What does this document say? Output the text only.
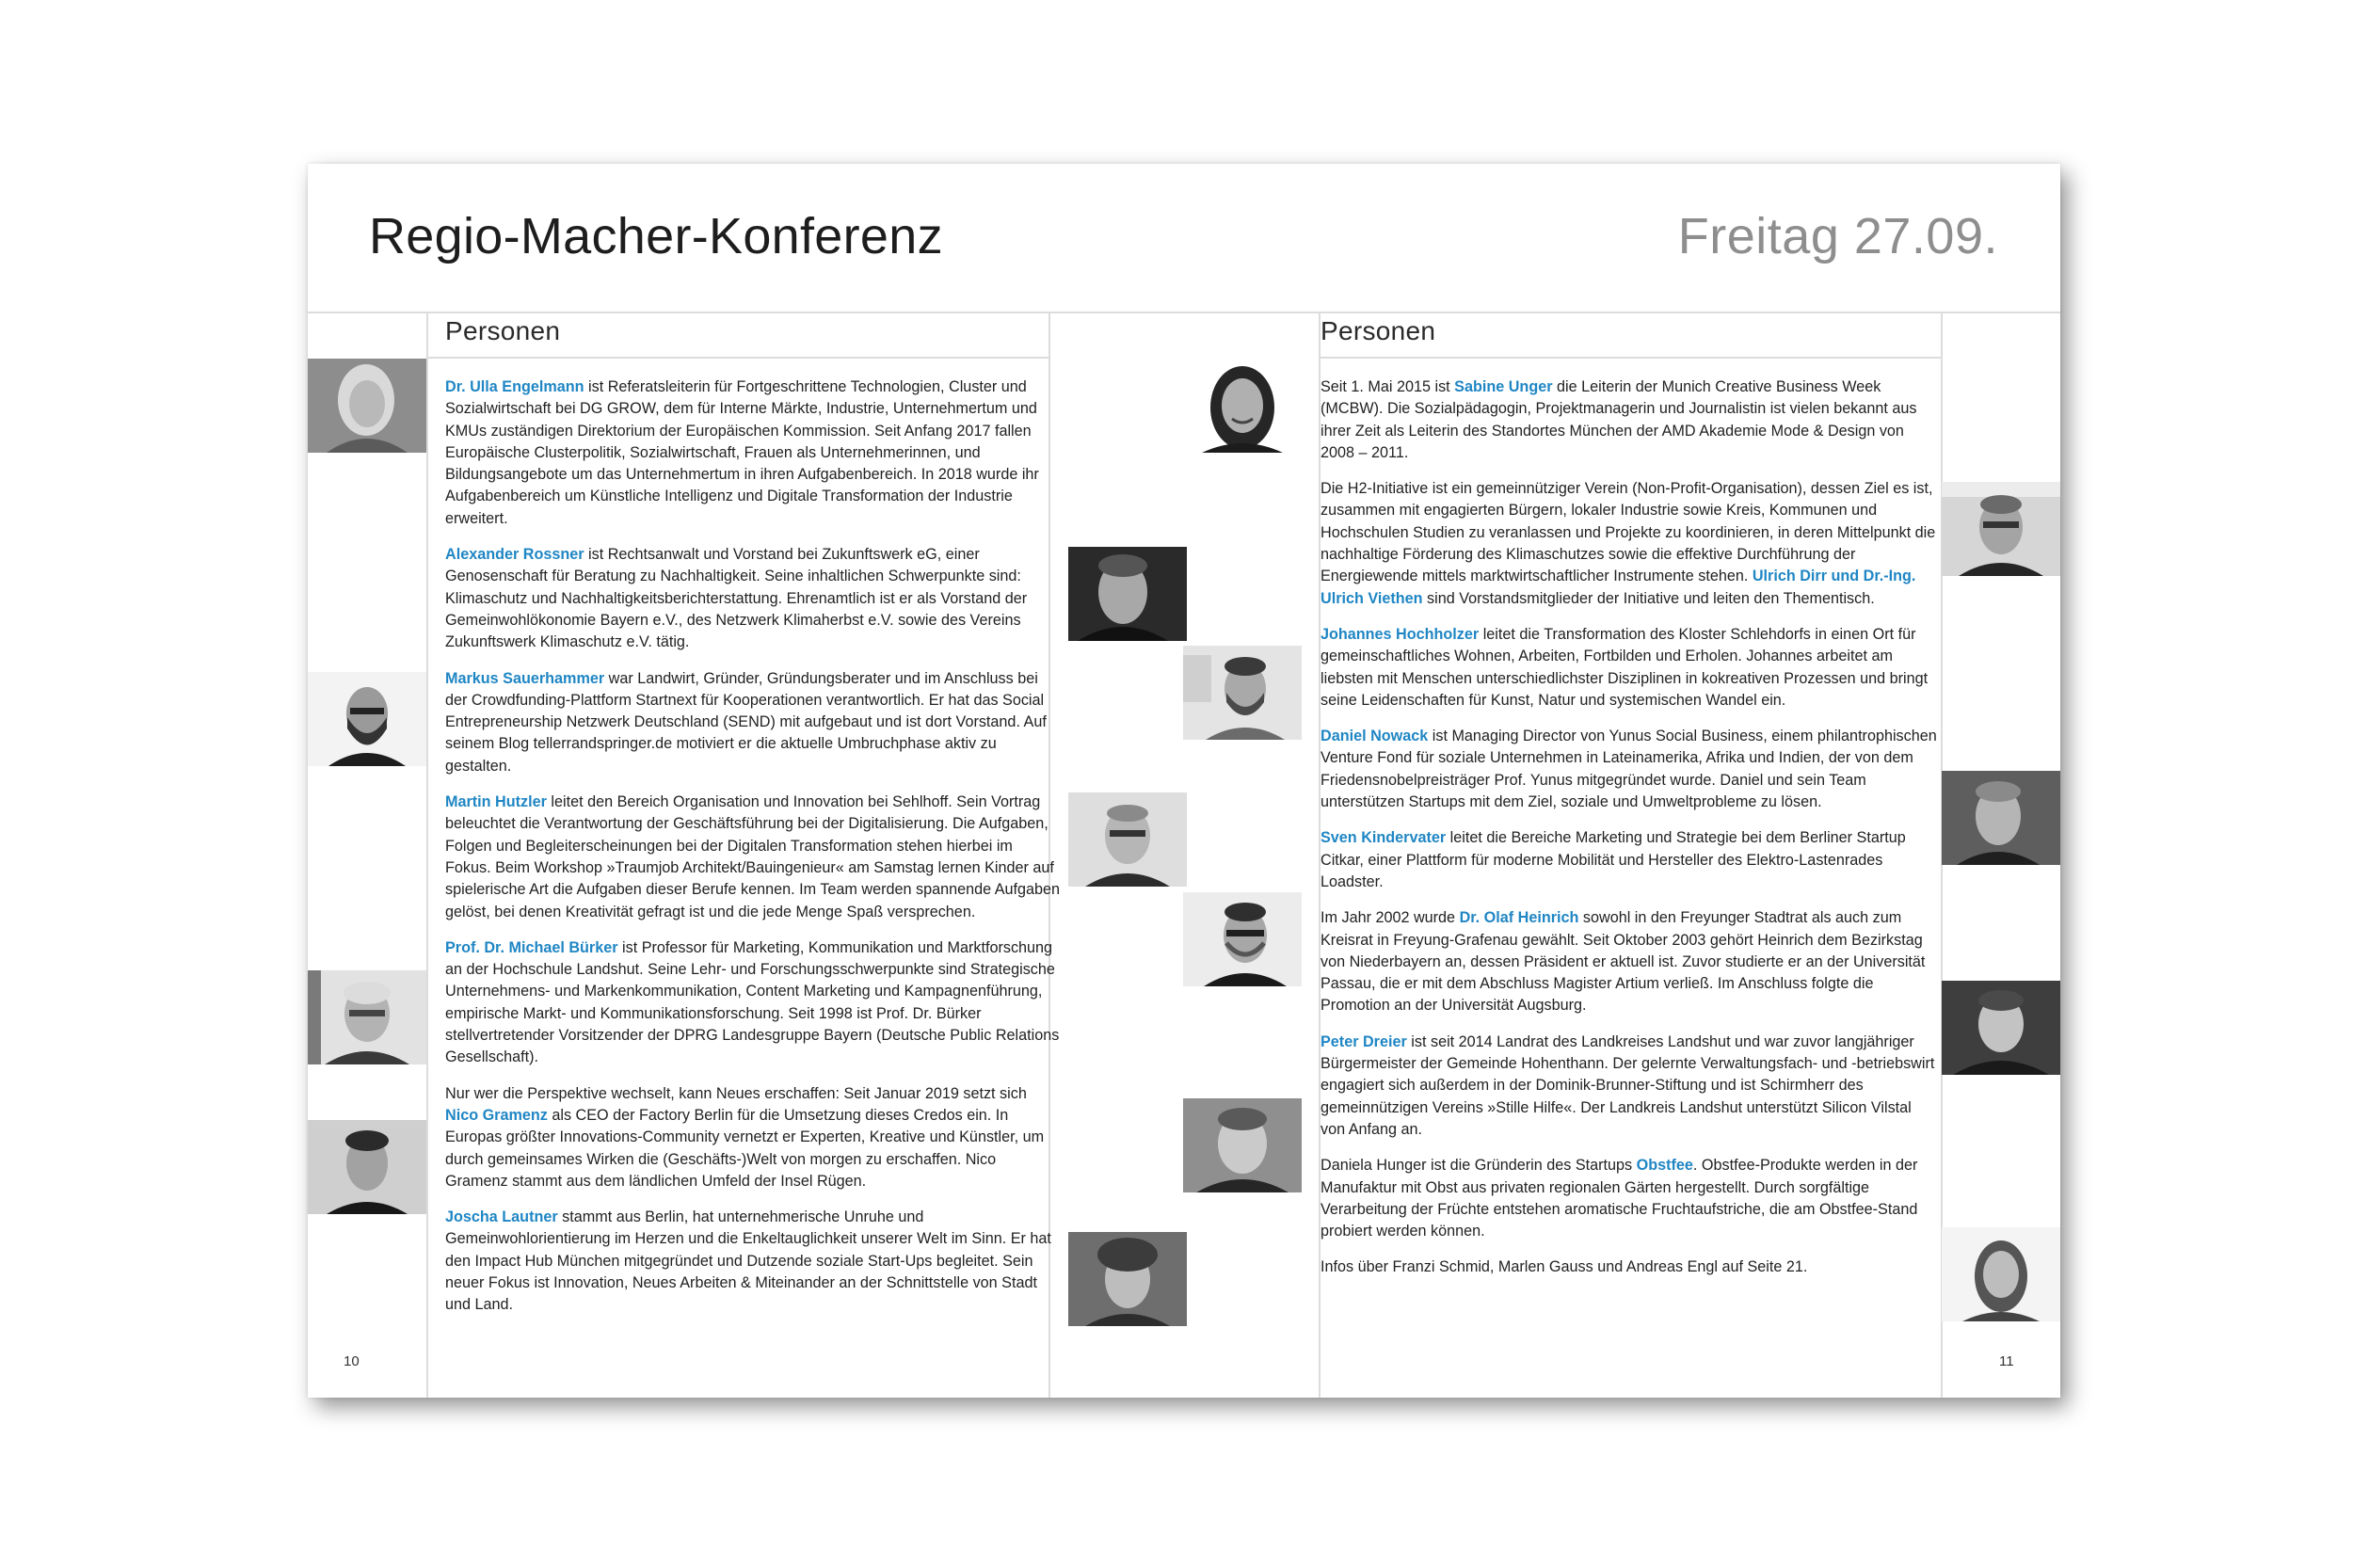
Regio-Macher-Konferenz	Freitag 27.09.
Personen	Personen

Dr. Ulla Engelmann ist Referatsleiterin für Fortgeschrittene Technologien, Cluster und Sozialwirtschaft bei DG GROW, dem für Interne Märkte, Industrie, Unternehmertum und KMUs zuständigen Direktorium der Europäischen Kommission. Seit Anfang 2017 fallen Europäische Clusterpolitik, Sozialwirtschaft, Frauen als Unternehmerinnen, und Bildungsangebote um das Unternehmertum in ihren Aufgabenbereich. In 2018 wurde ihr Aufgabenbereich um Künstliche Intelligenz und Digitale Transformation der Industrie erweitert.

Alexander Rossner ist Rechtsanwalt und Vorstand bei Zukunftswerk eG, einer Genosenschaft für Beratung zu Nachhaltigkeit. Seine inhaltlichen Schwerpunkte sind: Klimaschutz und Nachhaltigkeitsberichterstattung. Ehrenamtlich ist er als Vorstand der Gemeinwohlökonomie Bayern e.V., des Netzwerk Klimaherbst e.V. sowie des Vereins Zukunftswerk Klimaschutz e.V. tätig.

Markus Sauerhammer war Landwirt, Gründer, Gründungsberater und im Anschluss bei der Crowdfunding-Plattform Startnext für Kooperationen verantwortlich. Er hat das Social Entrepreneurship Netzwerk Deutschland (SEND) mit aufgebaut und ist dort Vorstand. Auf seinem Blog tellerrandspringer.de motiviert er die aktuelle Umbruchphase aktiv zu gestalten.

Martin Hutzler leitet den Bereich Organisation und Innovation bei Sehlhoff. Sein Vortrag beleuchtet die Verantwortung der Geschäftsführung bei der Digitalisierung. Die Aufgaben, Folgen und Begleiterscheinungen bei der Digitalen Transformation stehen hierbei im Fokus. Beim Workshop »Traumjob Architekt/Bauingenieur« am Samstag lernen Kinder auf spielerische Art die Aufgaben dieser Berufe kennen. Im Team werden spannende Aufgaben gelöst, bei denen Kreativität gefragt ist und die jede Menge Spaß versprechen.

Prof. Dr. Michael Bürker ist Professor für Marketing, Kommunikation und Marktforschung an der Hochschule Landshut. Seine Lehr- und Forschungsschwerpunkte sind Strategische Unternehmens- und Markenkommunikation, Content Marketing und Kampagnenführung, empirische Markt- und Kommunikationsforschung. Seit 1998 ist Prof. Dr. Bürker stellvertretender Vorsitzender der DPRG Landesgruppe Bayern (Deutsche Public Relations Gesellschaft).

Nur wer die Perspektive wechselt, kann Neues erschaffen: Seit Januar 2019 setzt sich Nico Gramenz als CEO der Factory Berlin für die Umsetzung dieses Credos ein. In Europas größter Innovations-Community vernetzt er Experten, Kreative und Künstler, um durch gemeinsames Wirken die (Geschäfts-)Welt von morgen zu erschaffen. Nico Gramenz stammt aus dem ländlichen Umfeld der Insel Rügen.

Joscha Lautner stammt aus Berlin, hat unternehmerische Unruhe und Gemeinwohlorientierung im Herzen und die Enkeltauglichkeit unserer Welt im Sinn. Er hat den Impact Hub München mitgegründet und Dutzende soziale Start-Ups begleitet. Sein neuer Fokus ist Innovation, Neues Arbeiten & Miteinander an der Schnittstelle von Stadt und Land.

Seit 1. Mai 2015 ist Sabine Unger die Leiterin der Munich Creative Business Week (MCBW). Die Sozialpädagogin, Projektmanagerin und Journalistin ist vielen bekannt aus ihrer Zeit als Leiterin des Standortes München der AMD Akademie Mode & Design von 2008 – 2011.

Die H2-Initiative ist ein gemeinnütziger Verein (Non-Profit-Organisation), dessen Ziel es ist, zusammen mit engagierten Bürgern, lokaler Industrie sowie Kreis, Kommunen und Hochschulen Studien zu veranlassen und Projekte zu koordinieren, in deren Mittelpunkt die nachhaltige Förderung des Klimaschutzes sowie die effektive Durchführung der Energiewende mittels marktwirtschaftlicher Instrumente stehen. Ulrich Dirr und Dr.-Ing. Ulrich Viethen sind Vorstandsmitglieder der Initiative und leiten den Thementisch.

Johannes Hochholzer leitet die Transformation des Kloster Schlehdorfs in einen Ort für gemeinschaftliches Wohnen, Arbeiten, Fortbilden und Erholen. Johannes arbeitet am liebsten mit Menschen unterschiedlichster Disziplinen in kokreativen Prozessen und bringt seine Leidenschaften für Kunst, Natur und systemischen Wandel ein.

Daniel Nowack ist Managing Director von Yunus Social Business, einem philantrophischen Venture Fond für soziale Unternehmen in Lateinamerika, Afrika und Indien, der von dem Friedensnobelpreisträger Prof. Yunus mitgegründet wurde. Daniel und sein Team unterstützen Startups mit dem Ziel, soziale und Umweltprobleme zu lösen.

Sven Kindervater leitet die Bereiche Marketing und Strategie bei dem Berliner Startup Citkar, einer Plattform für moderne Mobilität und Hersteller des Elektro-Lastenrades Loadster.

Im Jahr 2002 wurde Dr. Olaf Heinrich sowohl in den Freyunger Stadtrat als auch zum Kreisrat in Freyung-Grafenau gewählt. Seit Oktober 2003 gehört Heinrich dem Bezirkstag von Niederbayern an, dessen Präsident er aktuell ist. Zuvor studierte er an der Universität Passau, die er mit dem Abschluss Magister Artium verließ. Im Anschluss folgte die Promotion an der Universität Augsburg.

Peter Dreier ist seit 2014 Landrat des Landkreises Landshut und war zuvor langjähriger Bürgermeister der Gemeinde Hohenthann. Der gelernte Verwaltungsfach- und -betriebswirt engagiert sich außerdem in der Dominik-Brunner-Stiftung und ist Schirmherr des gemeinnützigen Vereins »Stille Hilfe«. Der Landkreis Landshut unterstützt Silicon Vilstal von Anfang an.

Daniela Hunger ist die Gründerin des Startups Obstfee. Obstfee-Produkte werden in der Manufaktur mit Obst aus privaten regionalen Gärten hergestellt. Durch sorgfältige Verarbeitung der Früchte entstehen aromatische Fruchtaufstriche, die am Obstfee-Stand probiert werden können.

Infos über Franzi Schmid, Marlen Gauss und Andreas Engl auf Seite 21.

10	11
